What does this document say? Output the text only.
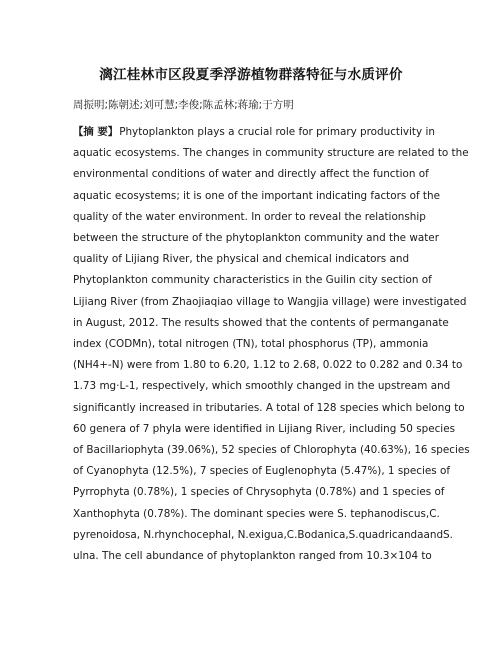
漓江桂林市区段夏季浮游植物群落特征与水质评价
周振明;陈朝述;刘可慧;李俊;陈孟林;蒋瑜;于方明
【摘 要】Phytoplankton plays a crucial role for primary productivity in
aquatic ecosystems. The changes in community structure are related to the
environmental conditions of water and directly affect the function of
aquatic ecosystems; it is one of the important indicating factors of the
quality of the water environment. In order to reveal the relationship
between the structure of the phytoplankton community and the water
quality of Lijiang River, the physical and chemical indicators and
Phytoplankton community characteristics in the Guilin city section of
Lijiang River (from Zhaojiaqiao village to Wangjia village) were investigated
in August, 2012. The results showed that the contents of permanganate
index (CODMn), total nitrogen (TN), total phosphorus (TP), ammonia
(NH4+-N) were from 1.80 to 6.20, 1.12 to 2.68, 0.022 to 0.282 and 0.34 to
1.73 mg·L-1, respectively, which smoothly changed in the upstream and
significantly increased in tributaries. A total of 128 species which belong to
60 genera of 7 phyla were identified in Lijiang River, including 50 species
of Bacillariophyta (39.06%), 52 species of Chlorophyta (40.63%), 16 species
of Cyanophyta (12.5%), 7 species of Euglenophyta (5.47%), 1 species of
Pyrrophyta (0.78%), 1 species of Chrysophyta (0.78%) and 1 species of
Xanthophyta (0.78%). The dominant species were S. tephanodiscus,C.
pyrenoidosa, N.rhynchocephal, N.exigua,C.Bodanica,S.quadricandaandS.
ulna. The cell abundance of phytoplankton ranged from 10.3×104 to
